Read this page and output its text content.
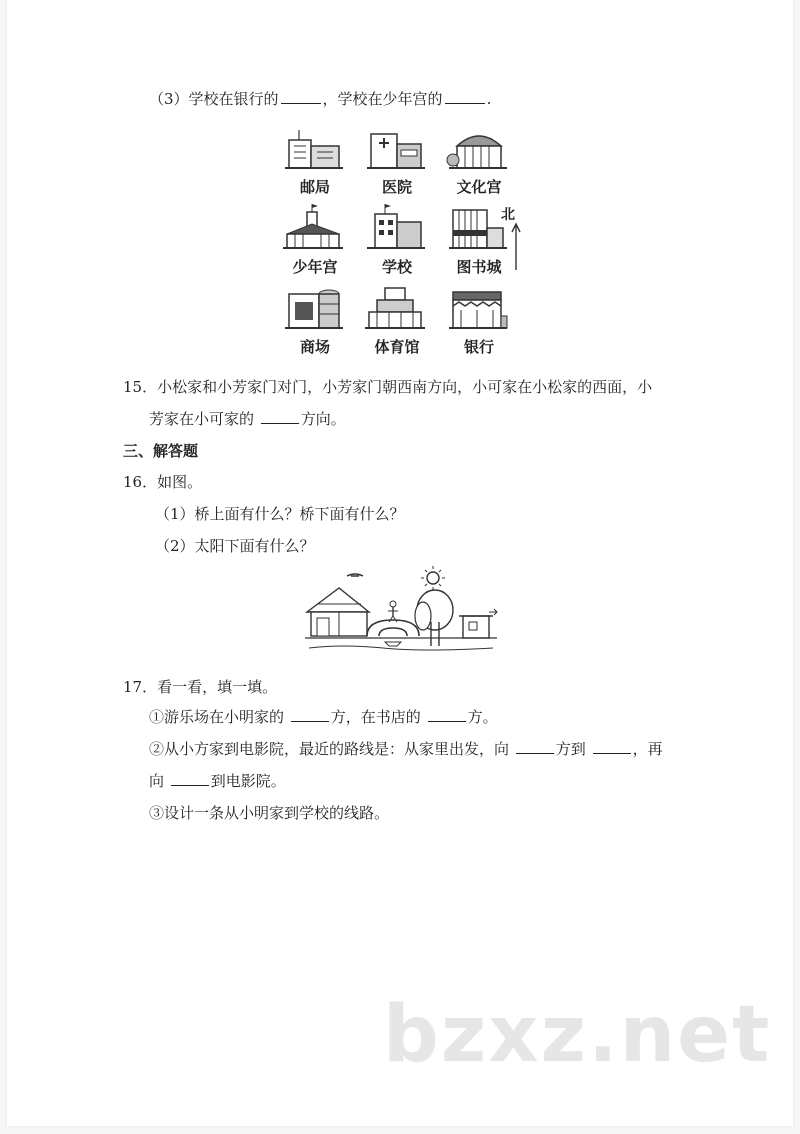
（3）学校在银行的	，学校在少年宫的	.
邮局	医院	文化宫
少年宫	学校	图书城
商场	体育馆	银行
北
15．小松家和小芳家门对门，小芳家门朝西南方向，小可家在小松家的西面，小
芳家在小可家的	方向。
三、解答题
16．如图。
（1）桥上面有什么？桥下面有什么？
（2）太阳下面有什么？
17．看一看，填一填。
①游乐场在小明家的	方，在书店的	方。
②从小方家到电影院，最近的路线是：从家里出发，向	方到	，再
向	到电影院。
③设计一条从小明家到学校的线路。
bzxz.net
